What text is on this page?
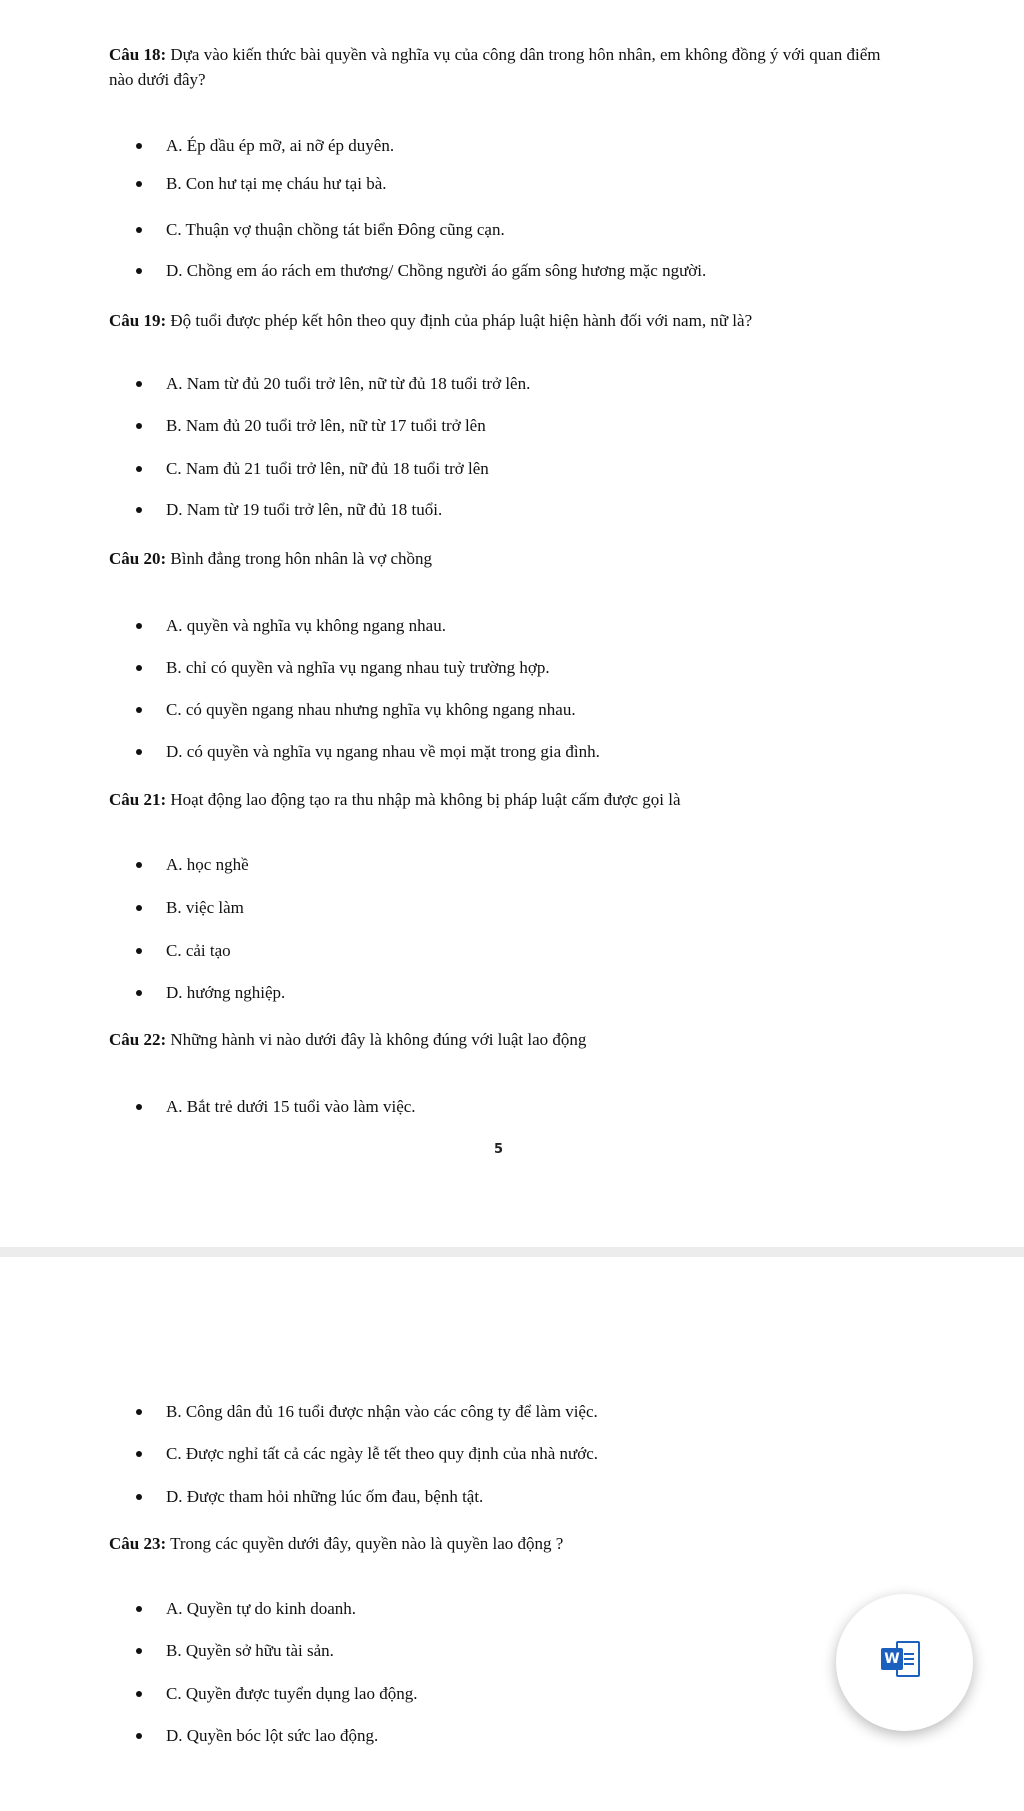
Câu 18: Dựa vào kiến thức bài quyền và nghĩa vụ của công dân trong hôn nhân, em không đồng ý với quan điểm nào dưới đây?

A. Ép dầu ép mỡ, ai nỡ ép duyên.
B. Con hư tại mẹ cháu hư tại bà.
C. Thuận vợ thuận chồng tát biển Đông cũng cạn.
D. Chồng em áo rách em thương/ Chồng người áo gấm sông hương mặc người.

Câu 19: Độ tuổi được phép kết hôn theo quy định của pháp luật hiện hành đối với nam, nữ là?

A. Nam từ đủ 20 tuổi trở lên, nữ từ đủ 18 tuổi trở lên.
B. Nam đủ 20 tuổi trở lên, nữ từ 17 tuổi trở lên
C. Nam đủ 21 tuổi trở lên, nữ đủ 18 tuổi trở lên
D. Nam từ 19 tuổi trở lên, nữ đủ 18 tuổi.

Câu 20: Bình đẳng trong hôn nhân là vợ chồng

A. quyền và nghĩa vụ không ngang nhau.
B. chỉ có quyền và nghĩa vụ ngang nhau tuỳ trường hợp.
C. có quyền ngang nhau nhưng nghĩa vụ không ngang nhau.
D. có quyền và nghĩa vụ ngang nhau về mọi mặt trong gia đình.

Câu 21: Hoạt động lao động tạo ra thu nhập mà không bị pháp luật cấm được gọi là

A. học nghề
B. việc làm
C. cải tạo
D. hướng nghiệp.

Câu 22: Những hành vi nào dưới đây là không đúng với luật lao động

A. Bắt trẻ dưới 15 tuổi vào làm việc.
5
B. Công dân đủ 16 tuổi được nhận vào các công ty để làm việc.
C. Được nghỉ tất cả các ngày lễ tết theo quy định của nhà nước.
D. Được tham hỏi những lúc ốm đau, bệnh tật.

Câu 23: Trong các quyền dưới đây, quyền nào là quyền lao động ?

A. Quyền tự do kinh doanh.
B. Quyền sở hữu tài sản.
C. Quyền được tuyển dụng lao động.
D. Quyền bóc lột sức lao động.
W
